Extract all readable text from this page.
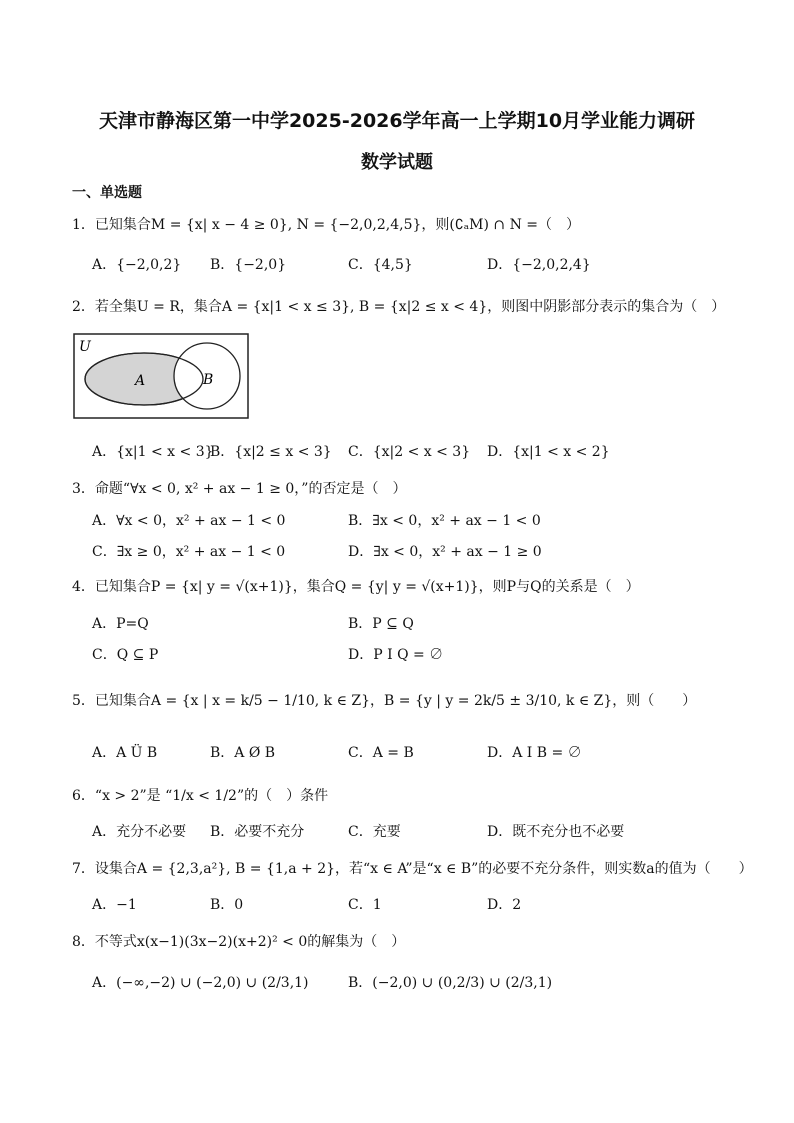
天津市静海区第一中学2025-2026学年高一上学期10月学业能力调研
数学试题
一、单选题
1．已知集合M = {x| x − 4 ≥ 0}, N = {−2,0,2,4,5}，则(∁ₐM) ∩ N =（　）
A．{−2,0,2} B．{−2,0}	C．{4,5}	D．{−2,0,2,4}
2．若全集U = R，集合A = {x|1 < x ≤ 3}, B = {x|2 ≤ x < 4}，则图中阴影部分表示的集合为（　）
U
A	B
A．{x|1 < x < 3}
B．{x|2 ≤ x < 3} C．{x|2 < x < 3} D．{x|1 < x < 2}
3．命题“∀x < 0, x² + ax − 1 ≥ 0，”的否定是（　）
A．∀x < 0，x² + ax − 1 < 0	B．∃x < 0，x² + ax − 1 < 0
C．∃x ≥ 0，x² + ax − 1 < 0	D．∃x < 0，x² + ax − 1 ≥ 0
4．已知集合P = {x| y = √(x+1)}，集合Q = {y| y = √(x+1)}，则P与Q的关系是（　）
A．P=Q	B．P ⊆ Q
C．Q ⊆ P	D．P I Q = ∅
5．已知集合A = {x | x = k/5 − 1/10, k ∈ Z}，B = {y | y = 2k/5 ± 3/10, k ∈ Z}，则（　　）
A．A Ü B	B．A Ø B	C．A = B	D．A I B = ∅
6．“x > 2”是 “1/x < 1/2”的（　）条件
A．充分不必要 B．必要不充分	C．充要	D．既不充分也不必要
7．设集合A = {2,3,a²}, B = {1,a + 2}，若“x ∈ A”是“x ∈ B”的必要不充分条件，则实数a的值为（　　）
A．−1	B．0	C．1	D．2
8．不等式x(x−1)(3x−2)(x+2)² < 0的解集为（　）
A．(−∞,−2) ∪ (−2,0) ∪ (2/3,1)	B．(−2,0) ∪ (0,2/3) ∪ (2/3,1)
